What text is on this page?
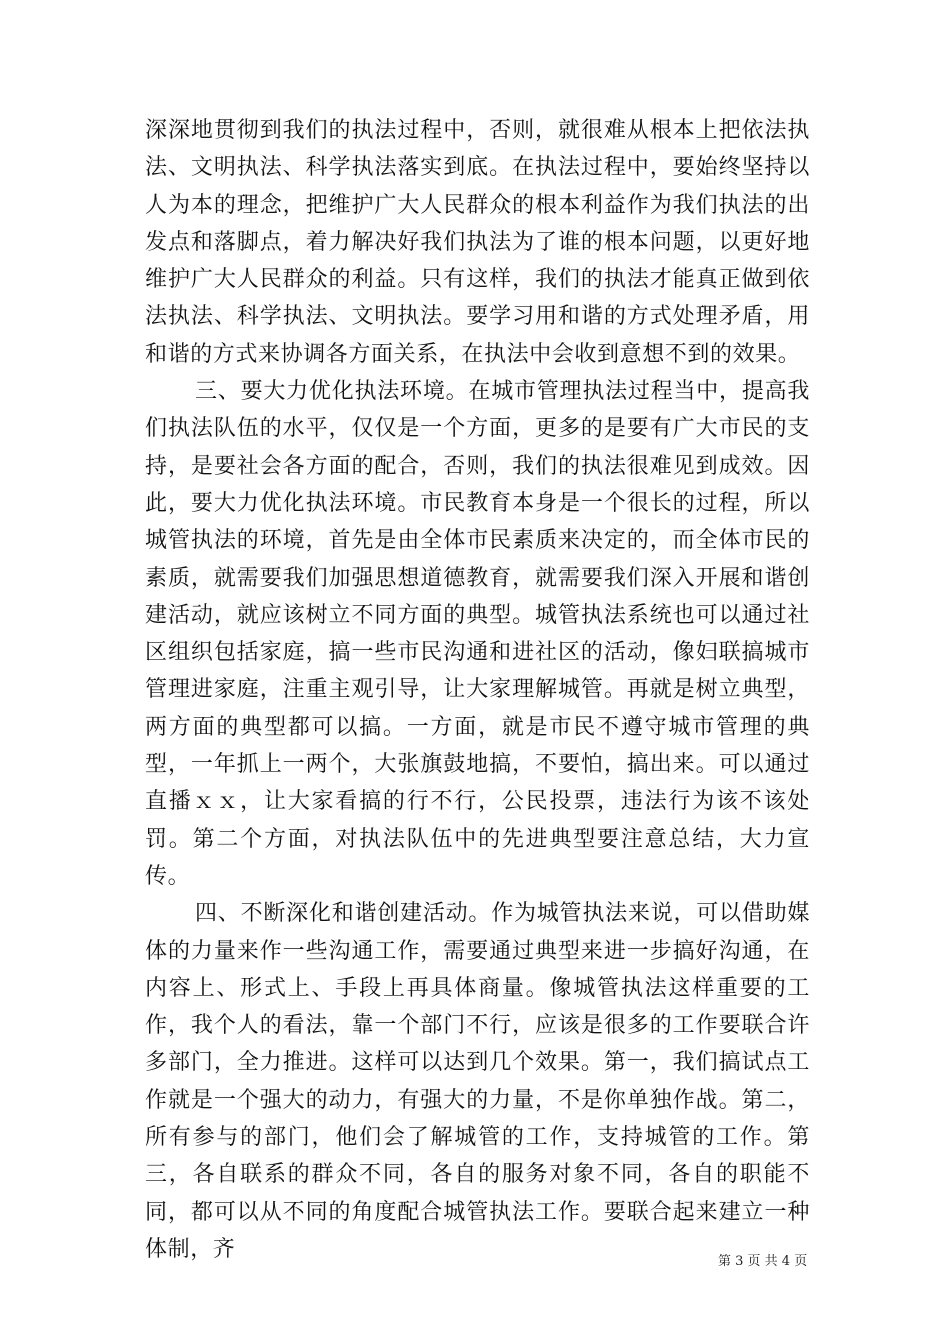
深深地贯彻到我们的执法过程中，否则，就很难从根本上把依法执法、文明执法、科学执法落实到底。在执法过程中，要始终坚持以人为本的理念，把维护广大人民群众的根本利益作为我们执法的出发点和落脚点，着力解决好我们执法为了谁的根本问题，以更好地维护广大人民群众的利益。只有这样，我们的执法才能真正做到依法执法、科学执法、文明执法。要学习用和谐的方式处理矛盾，用和谐的方式来协调各方面关系，在执法中会收到意想不到的效果。

三、要大力优化执法环境。在城市管理执法过程当中，提高我们执法队伍的水平，仅仅是一个方面，更多的是要有广大市民的支持，是要社会各方面的配合，否则，我们的执法很难见到成效。因此，要大力优化执法环境。市民教育本身是一个很长的过程，所以城管执法的环境，首先是由全体市民素质来决定的，而全体市民的素质，就需要我们加强思想道德教育，就需要我们深入开展和谐创建活动，就应该树立不同方面的典型。城管执法系统也可以通过社区组织包括家庭，搞一些市民沟通和进社区的活动，像妇联搞城市管理进家庭，注重主观引导，让大家理解城管。再就是树立典型，两方面的典型都可以搞。一方面，就是市民不遵守城市管理的典型，一年抓上一两个，大张旗鼓地搞，不要怕，搞出来。可以通过直播ｘｘ，让大家看搞的行不行，公民投票，违法行为该不该处罚。第二个方面，对执法队伍中的先进典型要注意总结，大力宣传。

四、不断深化和谐创建活动。作为城管执法来说，可以借助媒体的力量来作一些沟通工作，需要通过典型来进一步搞好沟通，在内容上、形式上、手段上再具体商量。像城管执法这样重要的工作，我个人的看法，靠一个部门不行，应该是很多的工作要联合许多部门，全力推进。这样可以达到几个效果。第一，我们搞试点工作就是一个强大的动力，有强大的力量，不是你单独作战。第二，所有参与的部门，他们会了解城管的工作，支持城管的工作。第三，各自联系的群众不同，各自的服务对象不同，各自的职能不同，都可以从不同的角度配合城管执法工作。要联合起来建立一种体制，齐	第 3 页 共 4 页
